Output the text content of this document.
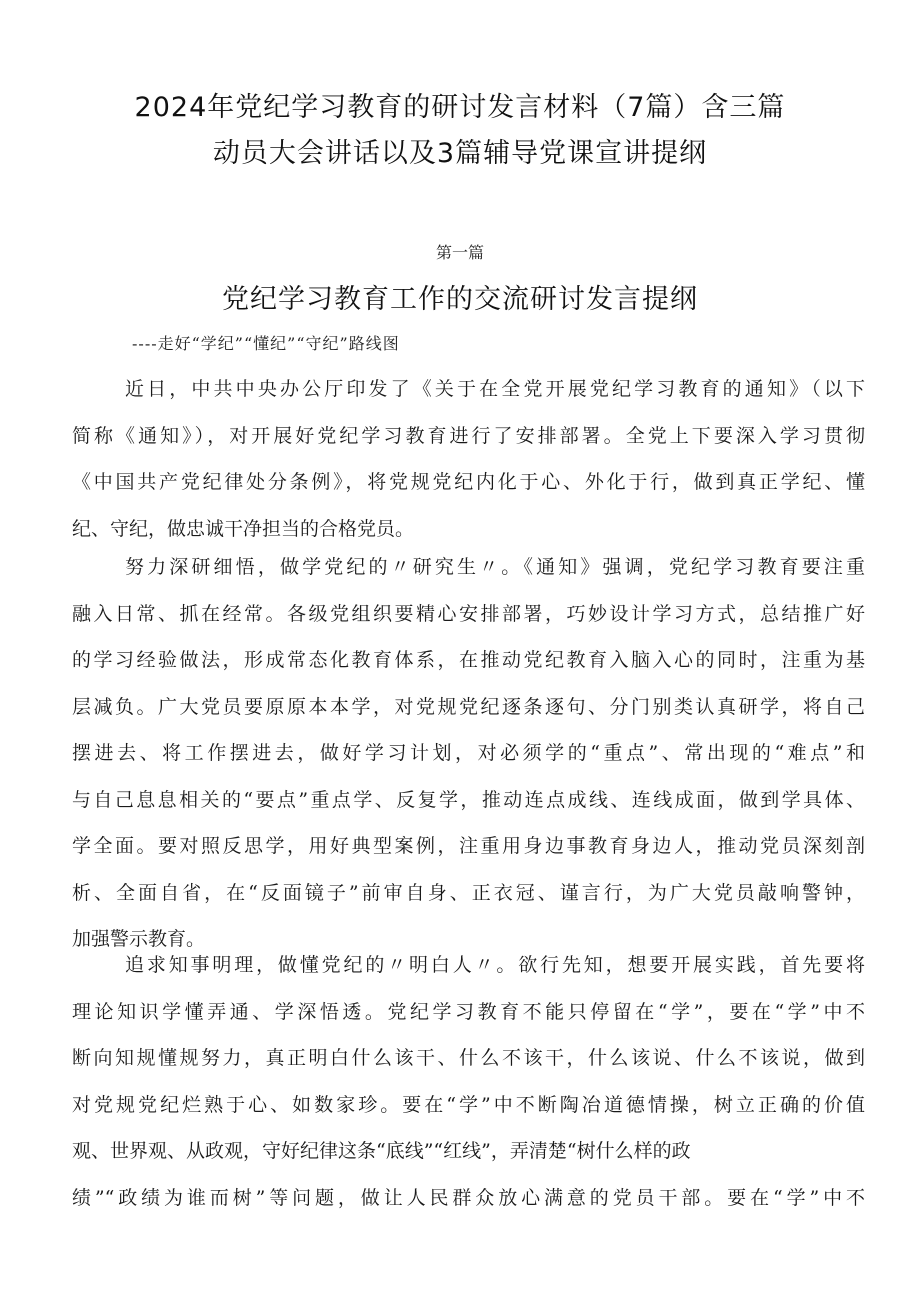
2024年党纪学习教育的研讨发言材料（7篇）含三篇
动员大会讲话以及3篇辅导党课宣讲提纲
第一篇
党纪学习教育工作的交流研讨发言提纲
----走好“学纪”“懂纪”“守纪”路线图
近日，中共中央办公厅印发了《关于在全党开展党纪学习教育的通知》（以下
简称《通知》），对开展好党纪学习教育进行了安排部署。全党上下要深入学习贯彻
《中国共产党纪律处分条例》，将党规党纪内化于心、外化于行，做到真正学纪、懂
纪、守纪，做忠诚干净担当的合格党员。
努力深研细悟，做学党纪的〃研究生〃。《通知》强调，党纪学习教育要注重
融入日常、抓在经常。各级党组织要精心安排部署，巧妙设计学习方式，总结推广好
的学习经验做法，形成常态化教育体系，在推动党纪教育入脑入心的同时，注重为基
层减负。广大党员要原原本本学，对党规党纪逐条逐句、分门别类认真研学，将自己
摆进去、将工作摆进去，做好学习计划，对必须学的“重点”、常出现的“难点”和
与自己息息相关的“要点”重点学、反复学，推动连点成线、连线成面，做到学具体、
学全面。要对照反思学，用好典型案例，注重用身边事教育身边人，推动党员深刻剖
析、全面自省，在“反面镜子”前审自身、正衣冠、谨言行，为广大党员敲响警钟，
加强警示教育。
追求知事明理，做懂党纪的〃明白人〃。欲行先知，想要开展实践，首先要将
理论知识学懂弄通、学深悟透。党纪学习教育不能只停留在“学”，要在“学”中不
断向知规懂规努力，真正明白什么该干、什么不该干，什么该说、什么不该说，做到
对党规党纪烂熟于心、如数家珍。要在“学”中不断陶冶道德情操，树立正确的价值
观、世界观、从政观，守好纪律这条“底线”“红线”，弄清楚“树什么样的政
绩”“政绩为谁而树”等问题，做让人民群众放心满意的党员干部。要在“学”中不
